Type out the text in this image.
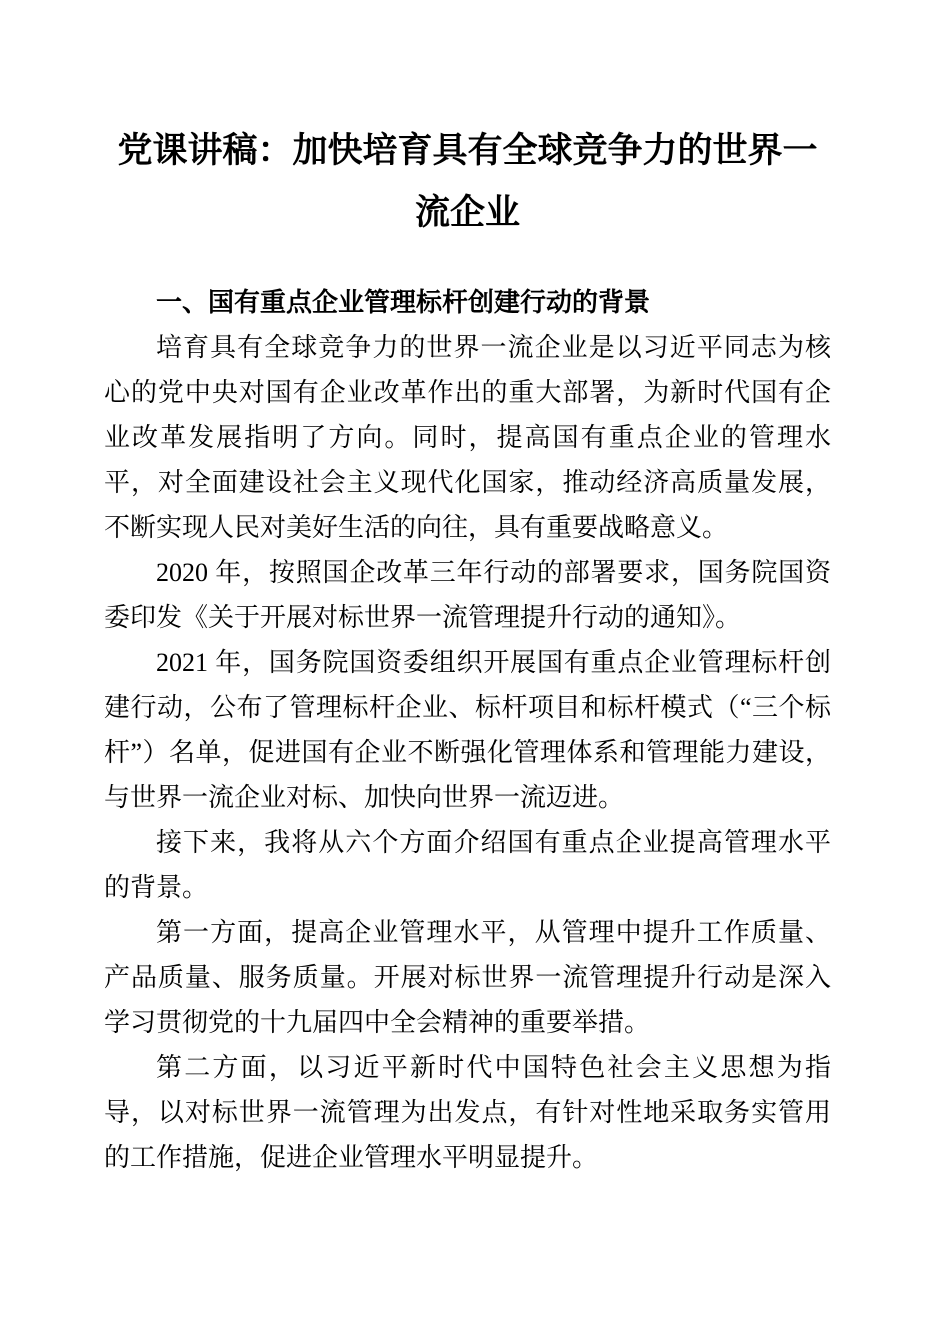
党课讲稿：加快培育具有全球竞争力的世界一流企业
一、国有重点企业管理标杆创建行动的背景

培育具有全球竞争力的世界一流企业是以习近平同志为核心的党中央对国有企业改革作出的重大部署，为新时代国有企业改革发展指明了方向。同时，提高国有重点企业的管理水平，对全面建设社会主义现代化国家，推动经济高质量发展，不断实现人民对美好生活的向往，具有重要战略意义。

2020 年，按照国企改革三年行动的部署要求，国务院国资委印发《关于开展对标世界一流管理提升行动的通知》。

2021 年，国务院国资委组织开展国有重点企业管理标杆创建行动，公布了管理标杆企业、标杆项目和标杆模式（“三个标杆”）名单，促进国有企业不断强化管理体系和管理能力建设，与世界一流企业对标、加快向世界一流迈进。

接下来，我将从六个方面介绍国有重点企业提高管理水平的背景。

第一方面，提高企业管理水平，从管理中提升工作质量、产品质量、服务质量。开展对标世界一流管理提升行动是深入学习贯彻党的十九届四中全会精神的重要举措。

第二方面，以习近平新时代中国特色社会主义思想为指导，以对标世界一流管理为出发点，有针对性地采取务实管用的工作措施，促进企业管理水平明显提升。
